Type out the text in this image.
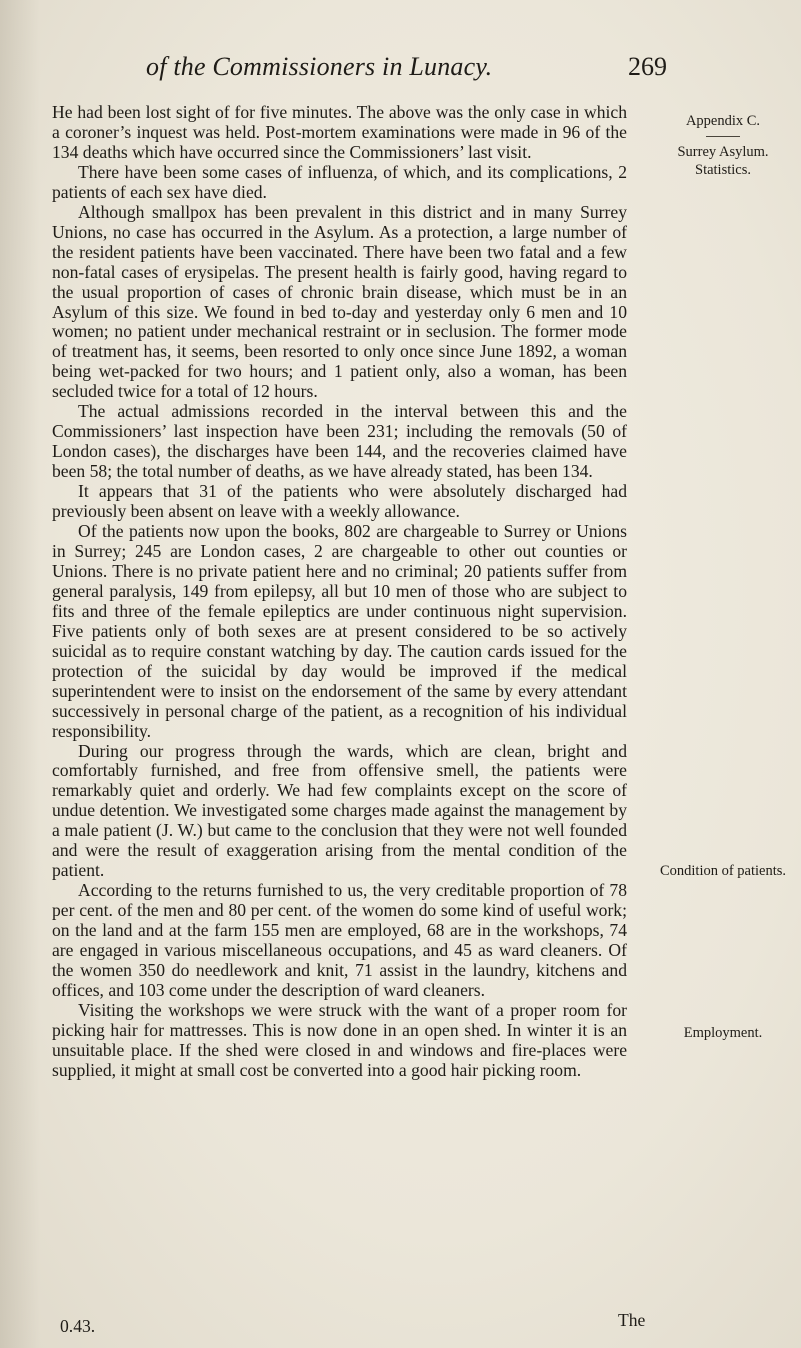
of the Commissioners in Lunacy.	269

He had been lost sight of for five minutes. The above was the only case in which a coroner’s inquest was held. Post-mortem examinations were made in 96 of the 134 deaths which have occurred since the Commissioners’ last visit.

There have been some cases of influenza, of which, and its complications, 2 patients of each sex have died.

Although smallpox has been prevalent in this district and in many Surrey Unions, no case has occurred in the Asylum. As a protection, a large number of the resident patients have been vaccinated. There have been two fatal and a few non-fatal cases of erysipelas. The present health is fairly good, having regard to the usual proportion of cases of chronic brain disease, which must be in an Asylum of this size. We found in bed to-day and yesterday only 6 men and 10 women; no patient under mechanical restraint or in seclusion. The former mode of treatment has, it seems, been resorted to only once since June 1892, a woman being wet-packed for two hours; and 1 patient only, also a woman, has been secluded twice for a total of 12 hours.

The actual admissions recorded in the interval between this and the Commissioners’ last inspection have been 231; including the removals (50 of London cases), the discharges have been 144, and the recoveries claimed have been 58; the total number of deaths, as we have already stated, has been 134.

It appears that 31 of the patients who were absolutely discharged had previously been absent on leave with a weekly allowance.

Of the patients now upon the books, 802 are chargeable to Surrey or Unions in Surrey; 245 are London cases, 2 are chargeable to other out counties or Unions. There is no private patient here and no criminal; 20 patients suffer from general paralysis, 149 from epilepsy, all but 10 men of those who are subject to fits and three of the female epileptics are under continuous night supervision. Five patients only of both sexes are at present considered to be so actively suicidal as to require constant watching by day. The caution cards issued for the protection of the suicidal by day would be improved if the medical superintendent were to insist on the endorsement of the same by every attendant successively in personal charge of the patient, as a recognition of his individual responsibility.

During our progress through the wards, which are clean, bright and comfortably furnished, and free from offensive smell, the patients were remarkably quiet and orderly. We had few complaints except on the score of undue detention. We investigated some charges made against the management by a male patient (J. W.) but came to the conclusion that they were not well founded and were the result of exaggeration arising from the mental condition of the patient.

According to the returns furnished to us, the very creditable proportion of 78 per cent. of the men and 80 per cent. of the women do some kind of useful work; on the land and at the farm 155 men are employed, 68 are in the workshops, 74 are engaged in various miscellaneous occupations, and 45 as ward cleaners. Of the women 350 do needlework and knit, 71 assist in the laundry, kitchens and offices, and 103 come under the description of ward cleaners.

Visiting the workshops we were struck with the want of a proper room for picking hair for mattresses. This is now done in an open shed. In winter it is an unsuitable place. If the shed were closed in and windows and fire-places were supplied, it might at small cost be converted into a good hair picking room.

Appendix C.
Surrey Asylum.
Statistics.
Condition of patients.
Employment.
0.43.	The
